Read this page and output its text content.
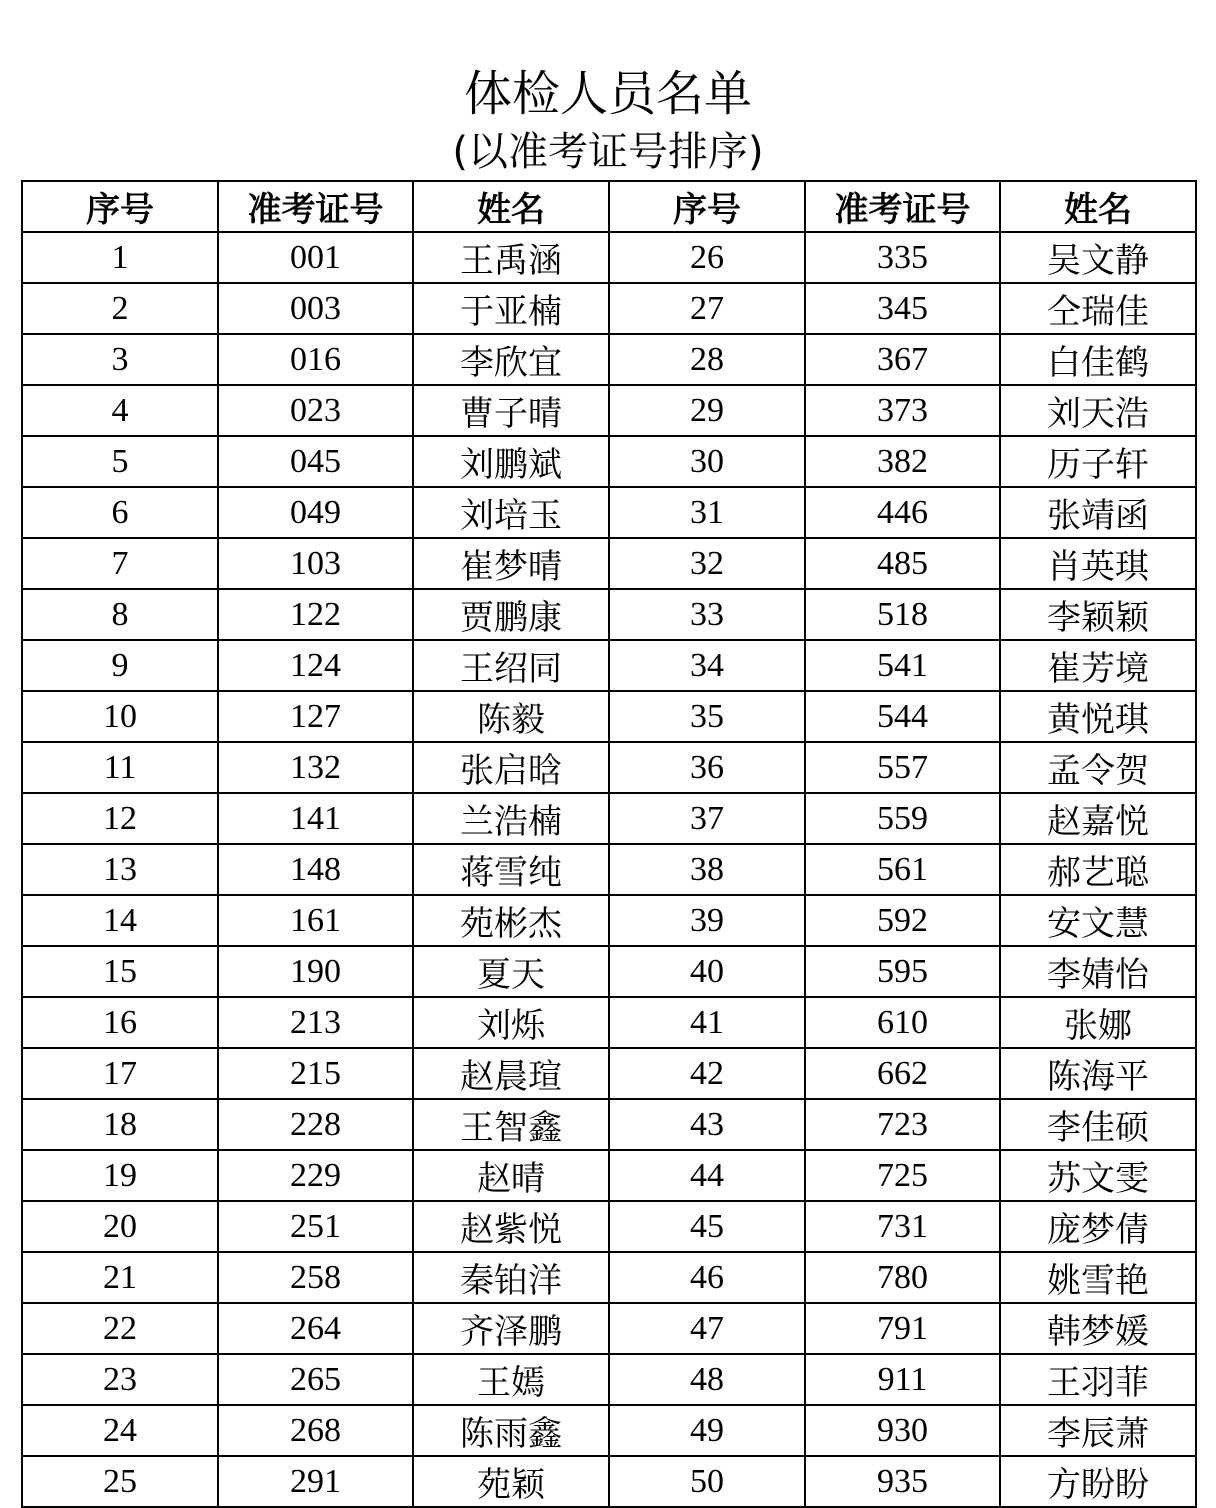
体检人员名单
(以准考证号排序)
序号	准考证号	姓名	序号	准考证号	姓名
1	001	王禹涵	26	335	吴文静
2	003	于亚楠	27	345	仝瑞佳
3	016	李欣宜	28	367	白佳鹤
4	023	曹子晴	29	373	刘天浩
5	045	刘鹏斌	30	382	历子轩
6	049	刘培玉	31	446	张靖函
7	103	崔梦晴	32	485	肖英琪
8	122	贾鹏康	33	518	李颖颖
9	124	王绍同	34	541	崔芳境
10	127	陈毅	35	544	黄悦琪
11	132	张启晗	36	557	孟令贺
12	141	兰浩楠	37	559	赵嘉悦
13	148	蒋雪纯	38	561	郝艺聪
14	161	苑彬杰	39	592	安文慧
15	190	夏天	40	595	李婧怡
16	213	刘烁	41	610	张娜
17	215	赵晨瑄	42	662	陈海平
18	228	王智鑫	43	723	李佳硕
19	229	赵晴	44	725	苏文雯
20	251	赵紫悦	45	731	庞梦倩
21	258	秦铂洋	46	780	姚雪艳
22	264	齐泽鹏	47	791	韩梦媛
23	265	王嫣	48	911	王羽菲
24	268	陈雨鑫	49	930	李辰萧
25	291	苑颖	50	935	方盼盼
